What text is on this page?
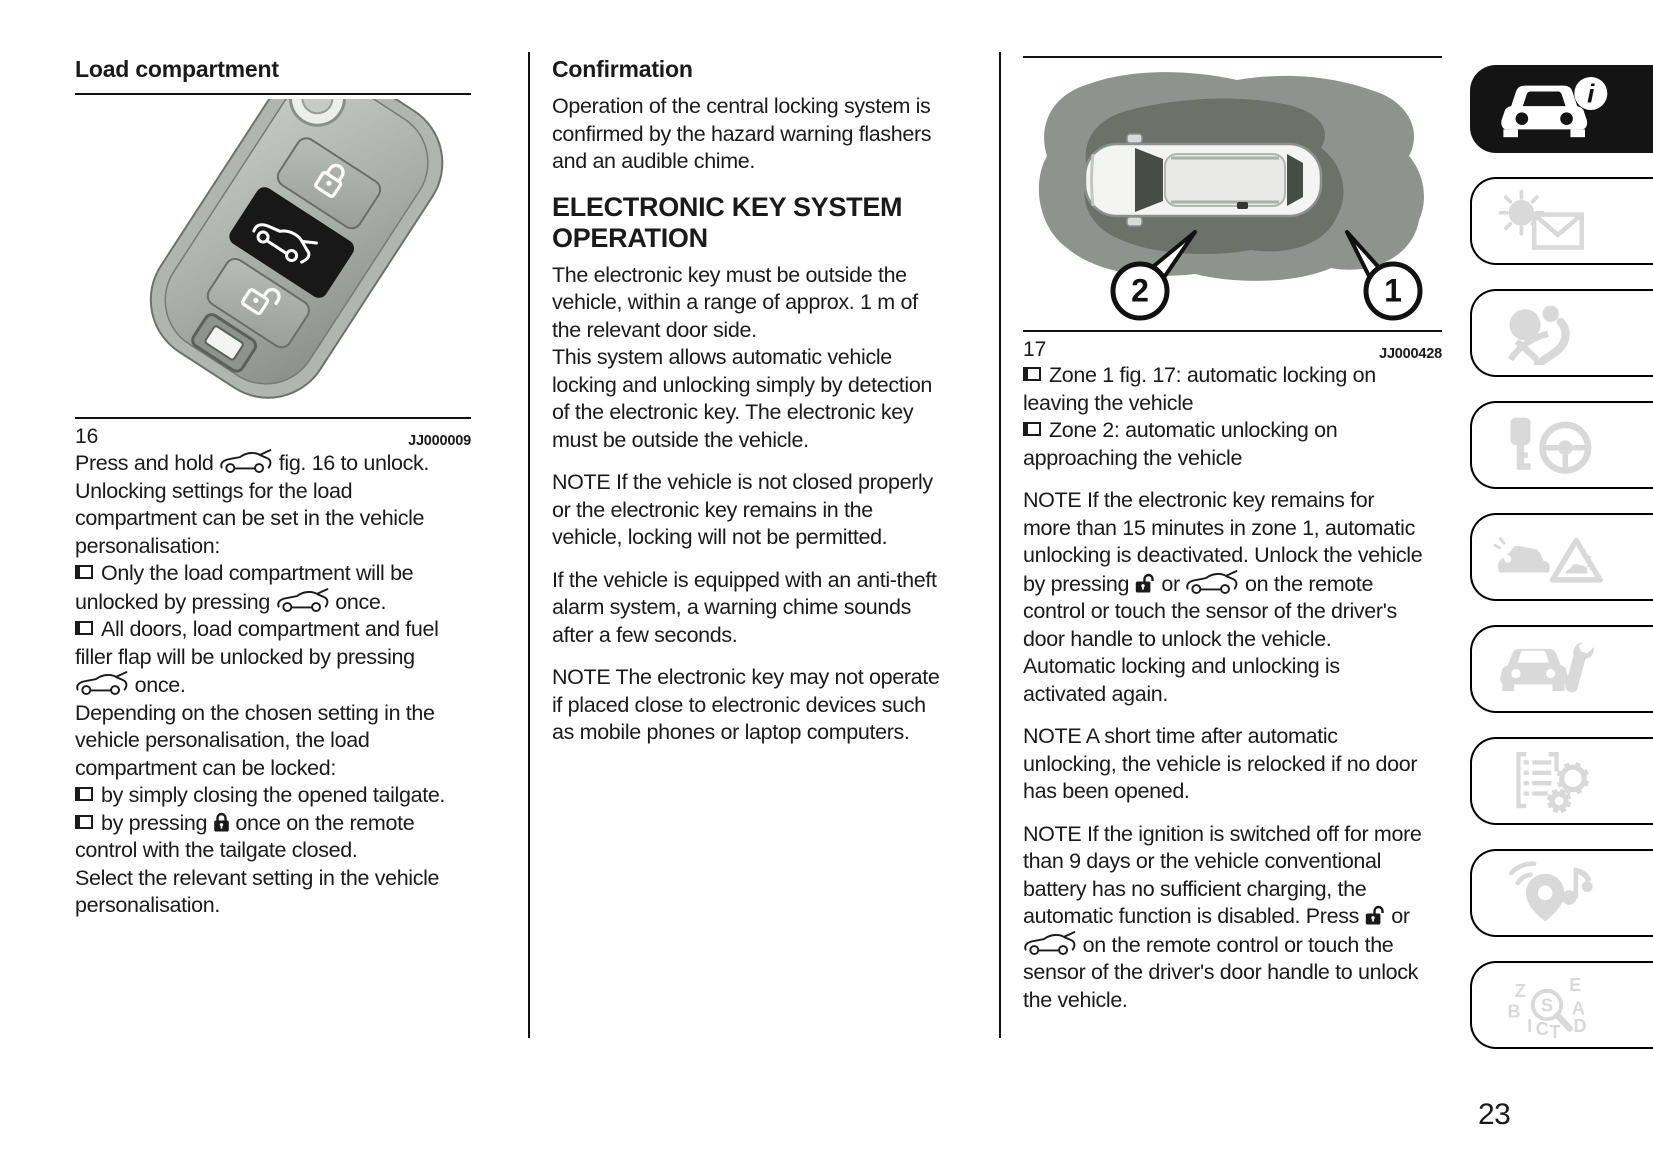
Load compartment
16	JJ000009

Press and hold	fig. 16 to unlock.

Unlocking settings for the load compartment can be set in the vehicle personalisation:

Only the load compartment will be unlocked by pressing	once.

All doors, load compartment and fuel filler flap will be unlocked by pressing  once.

Depending on the chosen setting in the vehicle personalisation, the load compartment can be locked:

by simply closing the opened tailgate.

by pressing  once on the remote control with the tailgate closed.

Select the relevant setting in the vehicle personalisation.

Confirmation

Operation of the central locking system is confirmed by the hazard warning flashers and an audible chime.

ELECTRONIC KEY SYSTEM OPERATION

The electronic key must be outside the vehicle, within a range of approx. 1 m of the relevant door side.

This system allows automatic vehicle locking and unlocking simply by detection of the electronic key. The electronic key must be outside the vehicle.

NOTE If the vehicle is not closed properly or the electronic key remains in the vehicle, locking will not be permitted.

If the vehicle is equipped with an anti-theft alarm system, a warning chime sounds after a few seconds.

NOTE The electronic key may not operate if placed close to electronic devices such as mobile phones or laptop computers.

2	1
17	JJ000428

Zone 1 fig. 17: automatic locking on leaving the vehicle

Zone 2: automatic unlocking on approaching the vehicle

NOTE If the electronic key remains for more than 15 minutes in zone 1, automatic unlocking is deactivated. Unlock the vehicle by pressing  or	on the remote control or touch the sensor of the driver's door handle to unlock the vehicle. Automatic locking and unlocking is activated again.

NOTE A short time after automatic unlocking, the vehicle is relocked if no door has been opened.

NOTE If the ignition is switched off for more than 9 days or the vehicle conventional battery has no sufficient charging, the automatic function is disabled. Press  or  on the remote control or touch the sensor of the driver's door handle to unlock the vehicle.

i
Z E
B A
I C T D
S
23
